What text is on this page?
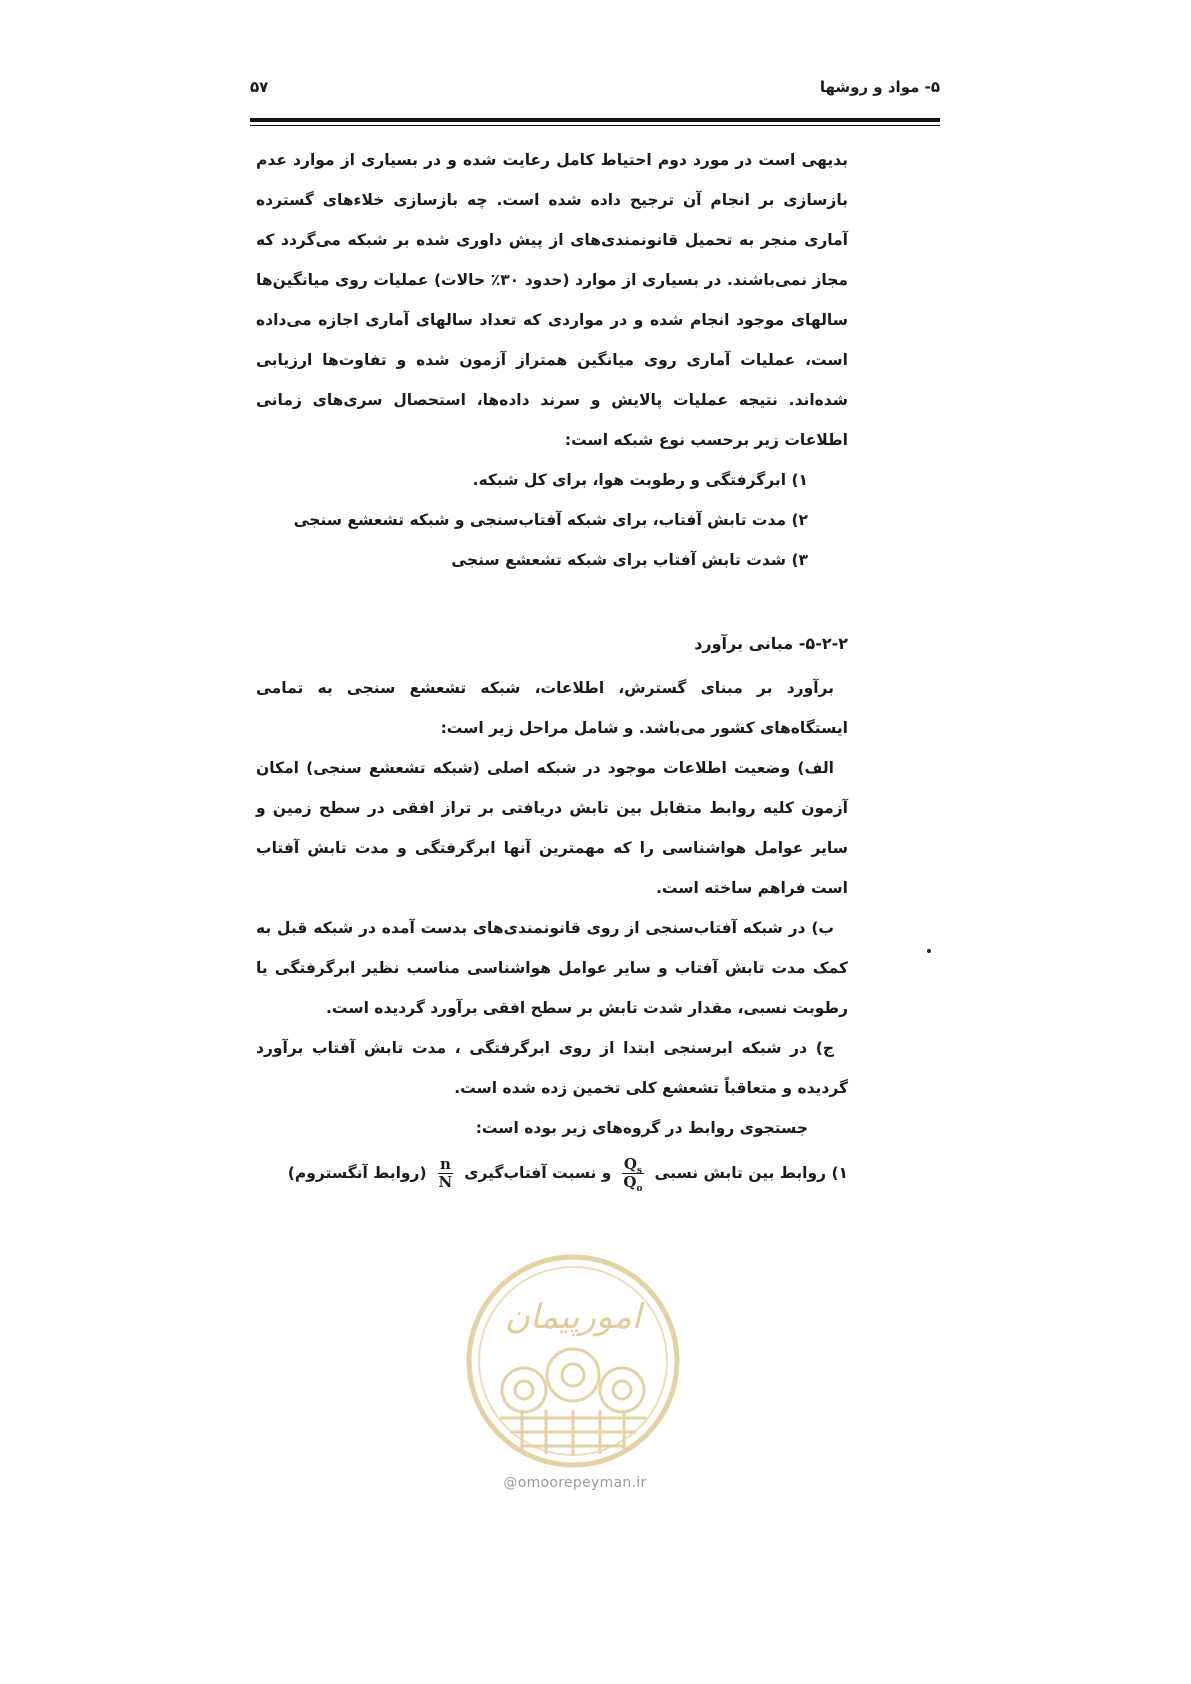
۵- مواد و روشها
۵۷

بدیهی است در مورد دوم احتیاط کامل رعایت شده و در بسیاری از موارد عدم بازسازی بر انجام آن ترجیح داده شده است. چه بازسازی خلاءهای گسترده آماری منجر به تحمیل قانونمندی‌های از پیش داوری شده بر شبکه می‌گردد که مجاز نمی‌باشند. در بسیاری از موارد (حدود ۳۰٪ حالات) عملیات روی میانگین‌ها سالهای موجود انجام شده و در مواردی که تعداد سالهای آماری اجازه می‌داده است، عملیات آماری روی میانگین همتراز آزمون شده و تفاوت‌ها ارزیابی شده‌اند. نتیجه عملیات پالایش و سرند داده‌ها، استحصال سری‌های زمانی اطلاعات زیر برحسب نوع شبکه است:

۱) ابرگرفتگی و رطوبت هوا، برای کل شبکه.

۲) مدت تابش آفتاب، برای شبکه آفتاب‌سنجی و شبکه تشعشع سنجی

۳) شدت تابش آفتاب برای شبکه تشعشع سنجی

۵-۲-۲- مبانی برآورد

برآورد بر مبنای گسترش، اطلاعات، شبکه تشعشع سنجی به تمامی ایستگاه‌های کشور می‌باشد. و شامل مراحل زیر است:

الف) وضعیت اطلاعات موجود در شبکه اصلی (شبکه تشعشع سنجی) امکان آزمون کلیه روابط متقابل بین تابش دریافتی بر تراز افقی در سطح زمین و سایر عوامل هواشناسی را که مهمترین آنها ابرگرفتگی و مدت تابش آفتاب است فراهم ساخته است.

ب) در شبکه آفتاب‌سنجی از روی قانونمندی‌های بدست آمده در شبکه قبل به کمک مدت تابش آفتاب و سایر عوامل هواشناسی مناسب نظیر ابرگرفتگی یا رطوبت نسبی، مقدار شدت تابش بر سطح افقی برآورد گردیده است.

ج) در شبکه ابرسنجی ابتدا از روی ابرگرفتگی ، مدت تابش آفتاب برآورد گردیده و متعاقباً تشعشع کلی تخمین زده شده است.

جستجوی روابط در گروه‌های زیر بوده است:

۱) روابط بین تابش نسبی
$\frac{Q_s}{Q_o}$
و نسبت آفتاب‌گیری
$\frac{n}{N}$
(روابط آنگستروم)
امورپیمان
@omoorepeyman.ir
